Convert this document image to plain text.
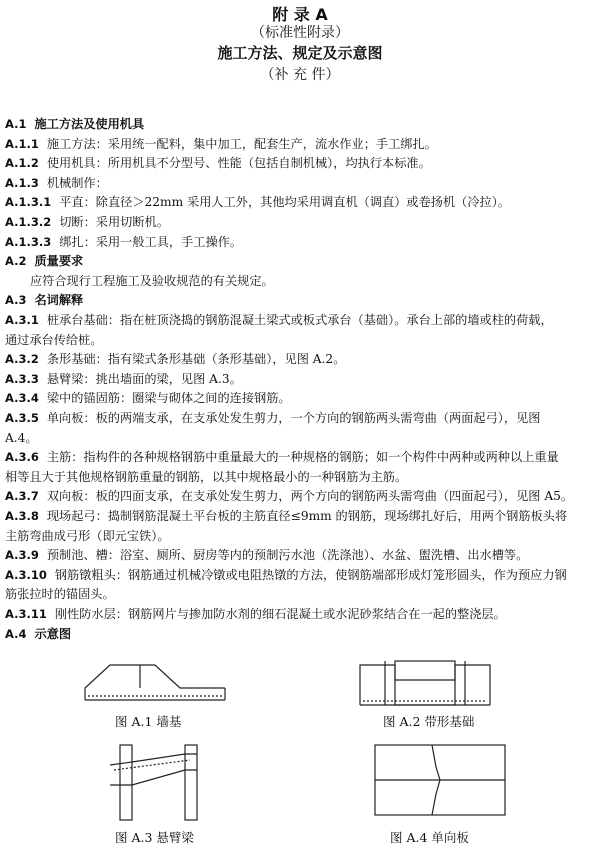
附 录 A
（标准性附录）
施工方法、规定及示意图
（补 充 件）
A.1 施工方法及使用机具
A.1.1 施工方法：采用统一配料，集中加工，配套生产，流水作业；手工绑扎。
A.1.2 使用机具：所用机具不分型号、性能（包括自制机械），均执行本标准。
A.1.3 机械制作：
A.1.3.1 平直：除直径＞22mm 采用人工外，其他均采用调直机（调直）或卷扬机（冷拉）。
A.1.3.2 切断：采用切断机。
A.1.3.3 绑扎：采用一般工具，手工操作。
A.2 质量要求
应符合现行工程施工及验收规范的有关规定。
A.3 名词解释
A.3.1 桩承台基础：指在桩顶浇捣的钢筋混凝土梁式或板式承台（基础）。承台上部的墙或柱的荷载，
通过承台传给桩。
A.3.2 条形基础：指有梁式条形基础（条形基础），见图 A.2。
A.3.3 悬臂梁：挑出墙面的梁，见图 A.3。
A.3.4 梁中的锚固筋：圈梁与砌体之间的连接钢筋。
A.3.5 单向板：板的两端支承，在支承处发生剪力，一个方向的钢筋两头需弯曲（两面起弓），见图
A.4。
A.3.6 主筋：指构件的各种规格钢筋中重量最大的一种规格的钢筋；如一个构件中两种或两种以上重量
相等且大于其他规格钢筋重量的钢筋，以其中规格最小的一种钢筋为主筋。
A.3.7 双向板：板的四面支承，在支承处发生剪力，两个方向的钢筋两头需弯曲（四面起弓），见图 A5。
A.3.8 现场起弓：捣制钢筋混凝土平台板的主筋直径≤9mm 的钢筋，现场绑扎好后，用两个钢筋板头将
主筋弯曲成弓形（即元宝铁）。
A.3.9 预制池、槽：浴室、厕所、厨房等内的预制污水池（洗涤池）、水盆、盥洗槽、出水槽等。
A.3.10 钢筋镦粗头：钢筋通过机械冷镦或电阻热镦的方法，使钢筋端部形成灯笼形圆头，作为预应力钢
筋张拉时的锚固头。
A.3.11 刚性防水层：钢筋网片与掺加防水剂的细石混凝土或水泥砂浆结合在一起的整浇层。
A.4 示意图
图 A.1 墙基	图 A.2 带形基础
图 A.3 悬臂梁	图 A.4 单向板
